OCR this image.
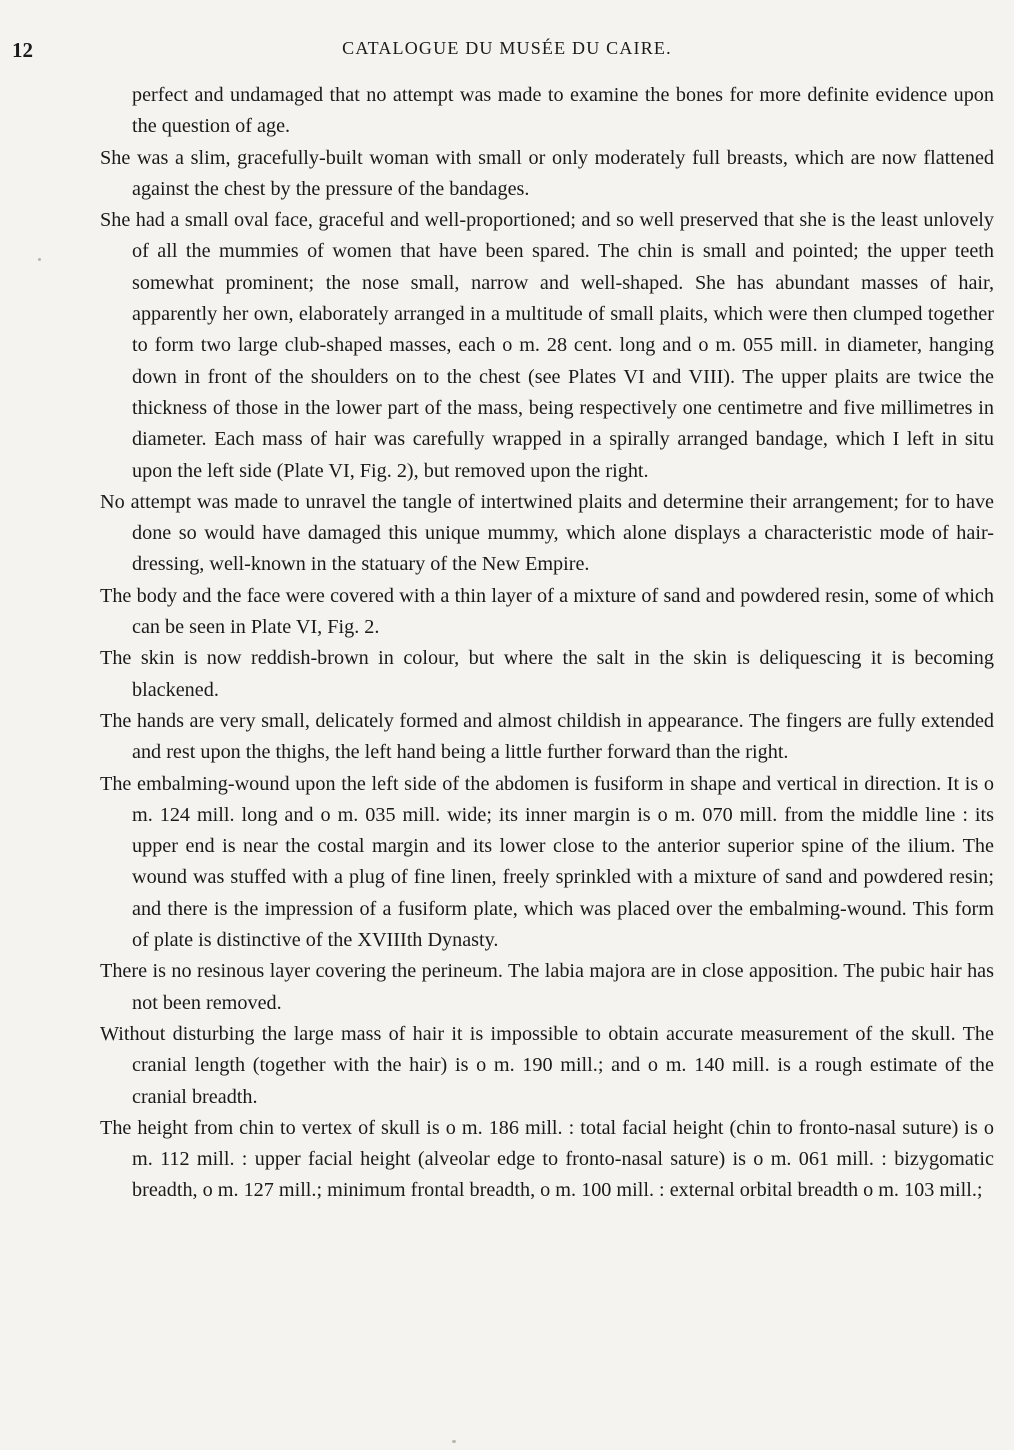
12	CATALOGUE DU MUSÉE DU CAIRE.

perfect and undamaged that no attempt was made to examine the bones for more definite evidence upon the question of age.

She was a slim, gracefully-built woman with small or only moderately full breasts, which are now flattened against the chest by the pressure of the bandages.

She had a small oval face, graceful and well-proportioned; and so well preserved that she is the least unlovely of all the mummies of women that have been spared. The chin is small and pointed; the upper teeth somewhat prominent; the nose small, narrow and well-shaped. She has abundant masses of hair, apparently her own, elaborately arranged in a multitude of small plaits, which were then clumped together to form two large club-shaped masses, each o m. 28 cent. long and o m. 055 mill. in diameter, hanging down in front of the shoulders on to the chest (see Plates VI and VIII). The upper plaits are twice the thickness of those in the lower part of the mass, being respectively one centimetre and five millimetres in diameter. Each mass of hair was carefully wrapped in a spirally arranged bandage, which I left in situ upon the left side (Plate VI, Fig. 2), but removed upon the right.

No attempt was made to unravel the tangle of intertwined plaits and determine their arrangement; for to have done so would have damaged this unique mummy, which alone displays a characteristic mode of hair-dressing, well-known in the statuary of the New Empire.

The body and the face were covered with a thin layer of a mixture of sand and powdered resin, some of which can be seen in Plate VI, Fig. 2.

The skin is now reddish-brown in colour, but where the salt in the skin is deliquescing it is becoming blackened.

The hands are very small, delicately formed and almost childish in appearance. The fingers are fully extended and rest upon the thighs, the left hand being a little further forward than the right.

The embalming-wound upon the left side of the abdomen is fusiform in shape and vertical in direction. It is o m. 124 mill. long and o m. 035 mill. wide; its inner margin is o m. 070 mill. from the middle line : its upper end is near the costal margin and its lower close to the anterior superior spine of the ilium. The wound was stuffed with a plug of fine linen, freely sprinkled with a mixture of sand and powdered resin; and there is the impression of a fusiform plate, which was placed over the embalming-wound. This form of plate is distinctive of the XVIIIth Dynasty.

There is no resinous layer covering the perineum. The labia majora are in close apposition. The pubic hair has not been removed.

Without disturbing the large mass of hair it is impossible to obtain accurate measurement of the skull. The cranial length (together with the hair) is o m. 190 mill.; and o m. 140 mill. is a rough estimate of the cranial breadth.

The height from chin to vertex of skull is o m. 186 mill. : total facial height (chin to fronto-nasal suture) is o m. 112 mill. : upper facial height (alveolar edge to fronto-nasal sature) is o m. 061 mill. : bizygomatic breadth, o m. 127 mill.; minimum frontal breadth, o m. 100 mill. : external orbital breadth o m. 103 mill.;
